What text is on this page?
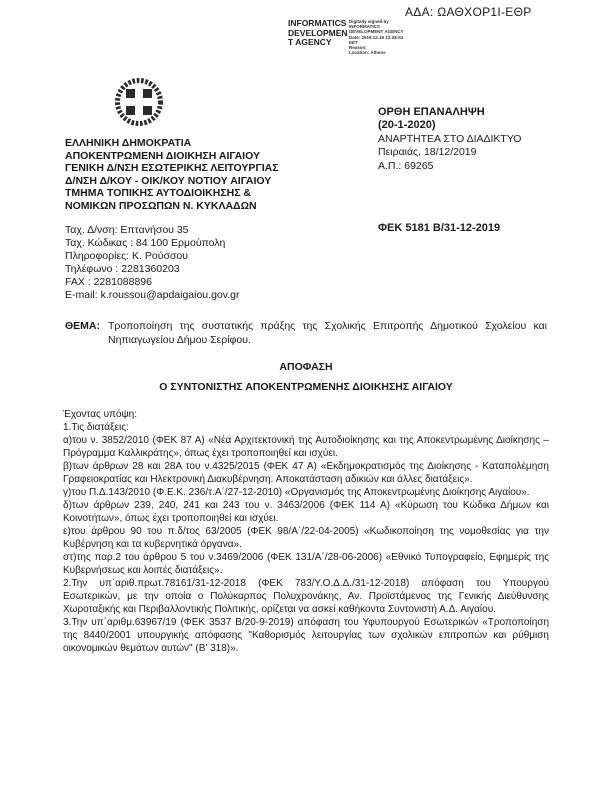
ΑΔΑ: ΩΑΘΧΟΡ1Ι-ΕΘΡ
INFORMATICS
DEVELOPMEN
T AGENCY
Digitally signed by
INFORMATICS
DEVELOPMENT AGENCY
Date: 2019.12.18 13:28:51
EET
Reason:
Location: Athens
ΕΛΛΗΝΙΚΗ ΔΗΜΟΚΡΑΤΙΑ
ΑΠΟΚΕΝΤΡΩΜΕΝΗ ΔΙΟΙΚΗΣΗ ΑΙΓΑΙΟΥ
ΓΕΝΙΚΗ Δ/ΝΣΗ ΕΣΩΤΕΡΙΚΗΣ ΛΕΙΤΟΥΡΓΙΑΣ
Δ/ΝΣΗ Δ/ΚΟΥ - ΟΙΚ/ΚΟΥ ΝΟΤΙΟΥ ΑΙΓΑΙΟΥ
ΤΜΗΜΑ ΤΟΠΙΚΗΣ ΑΥΤΟΔΙΟΙΚΗΣΗΣ &
ΝΟΜΙΚΩΝ ΠΡΟΣΩΠΩΝ Ν. ΚΥΚΛΑΔΩΝ
ΟΡΘΗ ΕΠΑΝΑΛΗΨΗ
(20-1-2020)
ΑΝΑΡΤΗΤΕΑ ΣΤΟ ΔΙΑΔΙΚΤΥΟ
Πειραιάς, 18/12/2019
Α.Π.: 69265
ΦΕΚ 5181 Β/31-12-2019
Ταχ. Δ/νση: Επτανήσου 35
Ταχ. Κώδικας : 84 100 Ερμούπολη
Πληροφορίες: Κ. Ρούσσου
Τηλέφωνο : 2281360203
FAX : 2281088896
E-mail: k.roussou@apdaigaiou.gov.gr
ΘΕΜΑ: Τροποποίηση της συστατικής πράξης της Σχολικής Επιτροπής Δημοτικού Σχολείου και Νηπιαγωγείου Δήμου Σερίφου.
ΑΠΟΦΑΣΗ
Ο ΣΥΝΤΟΝΙΣΤΗΣ ΑΠΟΚΕΝΤΡΩΜΕΝΗΣ ΔΙΟΙΚΗΣΗΣ ΑΙΓΑΙΟΥ
Έχοντας υπόψη:
1.Τις διατάξεις:
α)του ν. 3852/2010 (ΦΕΚ 87 Α) «Νέα Αρχιτεκτονική της Αυτοδιοίκησης και της Αποκεντρωμένης Διοίκησης – Πρόγραμμα Καλλικράτης», όπως έχει τροποποιηθεί και ισχύει.
β)των άρθρων 28 και 28Α του ν.4325/2015 (ΦΕΚ 47 Α) «Εκδημοκρατισμός της Διοίκησης - Καταπολέμηση Γραφειοκρατίας και Ηλεκτρονική Διακυβέρνηση. Αποκατάσταση αδικιών και άλλες διατάξεις».
γ)του Π.Δ.143/2010 (Φ.Ε.Κ. 236/τ.Α΄/27-12-2010) «Οργανισμός της Αποκεντρωμένης Διοίκησης Αιγαίου».
δ)των άρθρων 239, 240, 241 και 243 του ν. 3463/2006 (ΦΕΚ 114 Α) «Κύρωση του Κώδικα Δήμων και Κοινοτήτων», όπως έχει τροποποιηθεί και ισχύει.
ε)του άρθρου 90 του π.δ/τος 63/2005 (ΦΕΚ 98/Α΄/22-04-2005) «Κωδικοποίηση της νομοθεσίας για την Κυβέρνηση και τα κυβερνητικά όργανα».
στ)της παρ.2 του άρθρου 5 του ν.3469/2006 (ΦΕΚ 131/Α΄/28-06-2006) «Εθνικό Τυπογραφείο, Εφημερίς της Κυβερνήσεως και λοιπές διατάξεις».
2.Την υπ΄αριθ.πρωτ.78161/31-12-2018 (ΦΕΚ 783/Υ.Ο.Δ.Δ./31-12-2018) απόφαση του Υπουργού Εσωτερικών, με την οποία ο Πολύκαρπος Πολυχρονάκης, Αν. Προϊστάμενος της Γενικής Διεύθυνσης Χωροταξικής και Περιβαλλοντικής Πολιτικής, ορίζεται να ασκεί καθήκοντα Συντονιστή Α.Δ. Αιγαίου.
3.Την υπ΄αριθμ.63967/19 (ΦΕΚ 3537 Β/20-9-2019) απόφαση του Υφυπουργού Εσωτερικών «Τροποποίηση της 8440/2001 υπουργικής απόφασης "Καθορισμός λειτουργίας των σχολικών επιτροπών και ρύθμιση οικονομικών θεμάτων αυτών" (Β' 318)».
